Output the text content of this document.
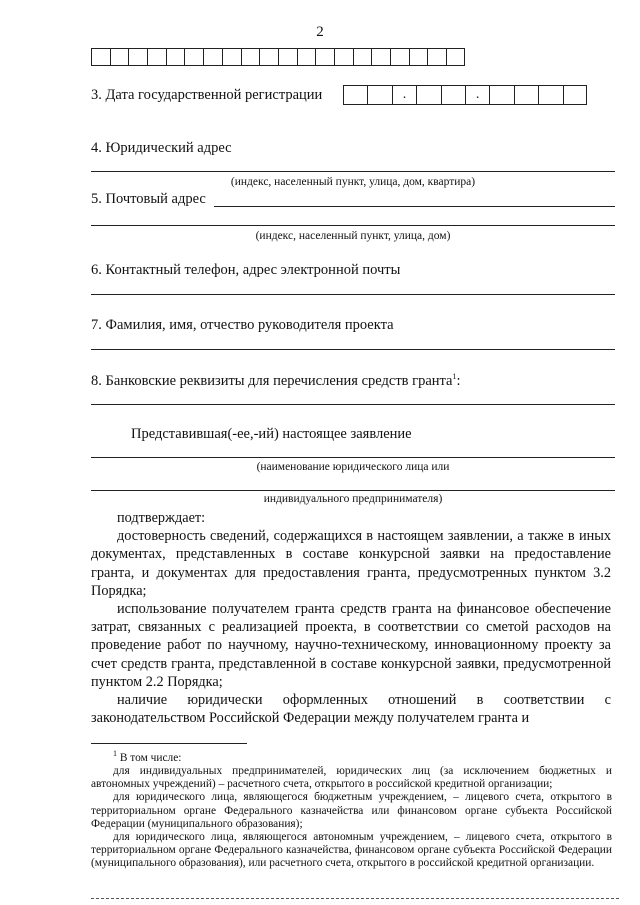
2
3. Дата государственной регистрации	.	.
4. Юридический адрес
(индекс, населенный пункт, улица, дом, квартира)
5. Почтовый адрес
(индекс, населенный пункт, улица, дом)
6. Контактный телефон, адрес электронной почты
7. Фамилия, имя, отчество руководителя проекта
8. Банковские реквизиты для перечисления средств гранта$^1$:
Представившая(-ее,-ий) настоящее заявление
(наименование юридического лица или
индивидуального предпринимателя)

подтверждает:

достоверность сведений, содержащихся в настоящем заявлении, а также в иных документах, представленных в составе конкурсной заявки на предоставление гранта, и документах для предоставления гранта, предусмотренных пунктом 3.2 Порядка;

использование получателем гранта средств гранта на финансовое обеспечение затрат, связанных с реализацией проекта, в соответствии со сметой расходов на проведение работ по научному, научно-техническому, инновационному проекту за счет средств гранта, представленной в составе конкурсной заявки, предусмотренной пунктом 2.2 Порядка;

наличие юридически оформленных отношений в соответствии с законодательством Российской Федерации между получателем гранта и

$^1$ В том числе:

для индивидуальных предпринимателей, юридических лиц (за исключением бюджетных и автономных учреждений) – расчетного счета, открытого в российской кредитной организации;

для юридического лица, являющегося бюджетным учреждением, – лицевого счета, открытого в территориальном органе Федерального казначейства или финансовом органе субъекта Российской Федерации (муниципального образования);

для юридического лица, являющегося автономным учреждением, – лицевого счета, открытого в территориальном органе Федерального казначейства, финансовом органе субъекта Российской Федерации (муниципального образования), или расчетного счета, открытого в российской кредитной организации.
